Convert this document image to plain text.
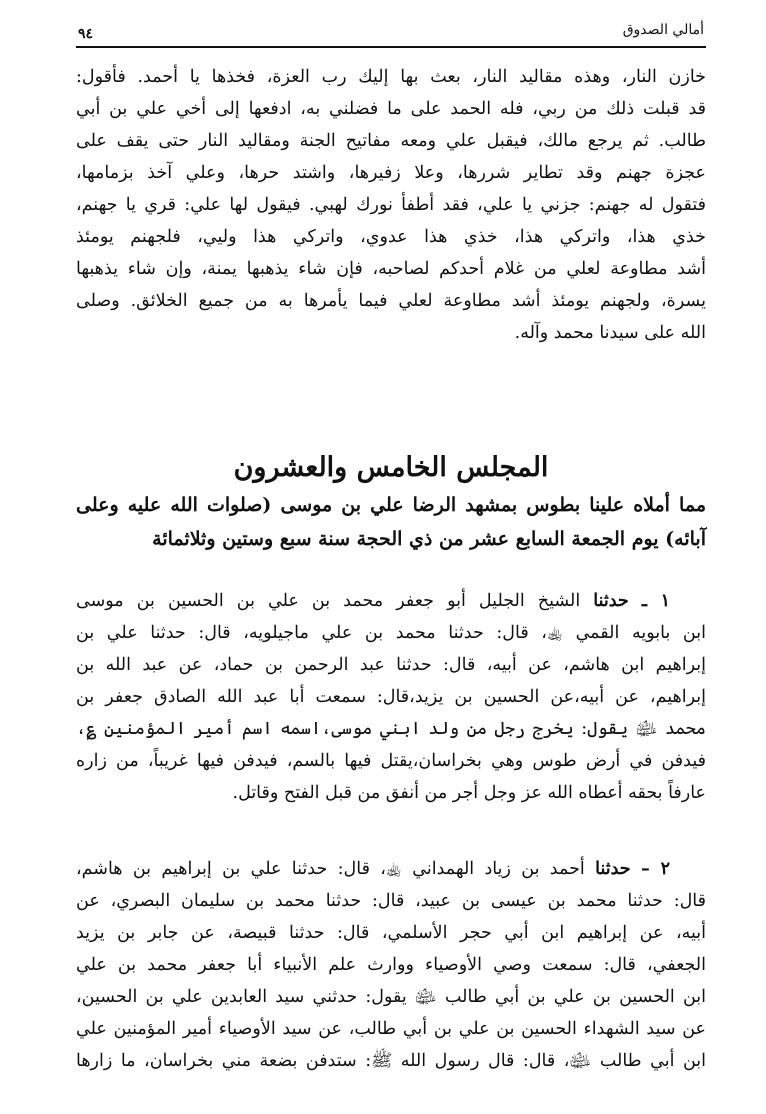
أمالي الصدوق
٩٤
خازن النار، وهذه مقاليد النار، بعث بها إليك رب العزة، فخذها يا أحمد. فأقول:
قد قبلت ذلك من ربي، فله الحمد على ما فضلني به، ادفعها إلى أخي علي بن أبي
طالب. ثم يرجع مالك، فيقبل علي ومعه مفاتيح الجنة ومقاليد النار حتى يقف على
عجزة جهنم وقد تطاير شررها، وعلا زفيرها، واشتد حرها، وعلي آخذ بزمامها،
فتقول له جهنم: جزني يا علي، فقد أطفأ نورك لهبي. فيقول لها علي: قري يا جهنم،
خذي هذا، واتركي هذا، خذي هذا عدوي، واتركي هذا وليي، فلجهنم يومئذ
أشد مطاوعة لعلي من غلام أحدكم لصاحبه، فإن شاء يذهبها يمنة، وإن شاء يذهبها
يسرة، ولجهنم يومئذ أشد مطاوعة لعلي فيما يأمرها به من جميع الخلائق. وصلى
الله على سيدنا محمد وآله.
المجلس الخامس والعشرون
مما أملاه علينا بطوس بمشهد الرضا علي بن موسى (صلوات الله عليه وعلى
آبائه) يوم الجمعة السابع عشر من ذي الحجة سنة سبع وستين وثلاثمائة
١ ـ حدثنا الشيخ الجليل أبو جعفر محمد بن علي بن الحسين بن موسى
ابن بابويه القمي ﵀، قال: حدثنا محمد بن علي ماجيلويه، قال: حدثنا علي بن
إبراهيم ابن هاشم، عن أبيه، قال: حدثنا عبد الرحمن بن حماد، عن عبد الله بن
إبراهيم، عن أبيه،عن الحسين بن يزيد،قال: سمعت أبا عبد الله الصادق جعفر بن
محمد ﵉ يقول: يخرج رجل من ولد ابني موسى،اسمه اسم أمير المؤمنين ؏،
فيدفن في أرض طوس وهي بخراسان،يقتل فيها بالسم، فيدفن فيها غريباً، من زاره
عارفاً بحقه أعطاه الله عز وجل أجر من أنفق من قبل الفتح وقاتل.
٢ – حدثنا أحمد بن زياد الهمداني ﵀، قال: حدثنا علي بن إبراهيم بن هاشم،
قال: حدثنا محمد بن عيسى بن عبيد، قال: حدثنا محمد بن سليمان البصري، عن
أبيه، عن إبراهيم ابن أبي حجر الأسلمي، قال: حدثنا قبيصة، عن جابر بن يزيد
الجعفي، قال: سمعت وصي الأوصياء ووارث علم الأنبياء أبا جعفر محمد بن علي
ابن الحسين بن علي بن أبي طالب ﵉ يقول: حدثني سيد العابدين علي بن الحسين،
عن سيد الشهداء الحسين بن علي بن أبي طالب، عن سيد الأوصياء أمير المؤمنين علي
ابن أبي طالب ﵉، قال: قال رسول الله ﷺ: ستدفن بضعة مني بخراسان، ما زارها
